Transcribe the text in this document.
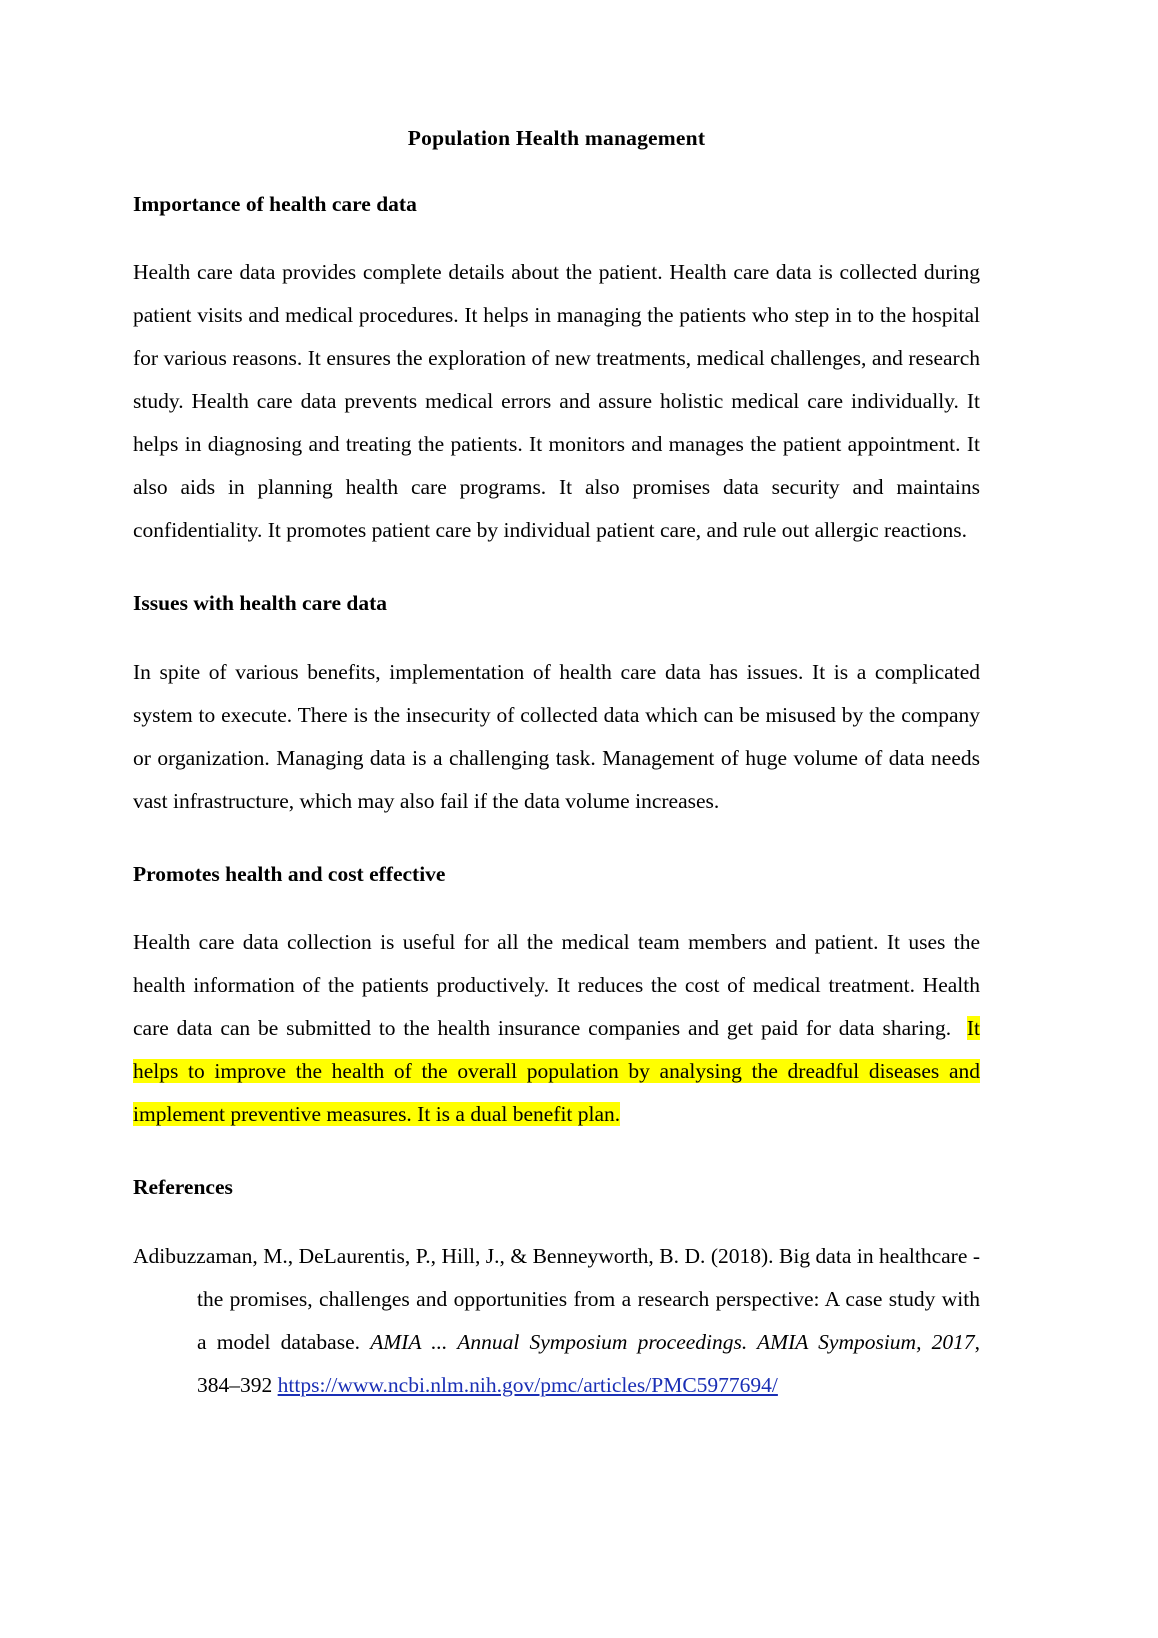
Population Health management
Importance of health care data

Health care data provides complete details about the patient. Health care data is collected during patient visits and medical procedures. It helps in managing the patients who step in to the hospital for various reasons. It ensures the exploration of new treatments, medical challenges, and research study. Health care data prevents medical errors and assure holistic medical care individually. It helps in diagnosing and treating the patients. It monitors and manages the patient appointment. It also aids in planning health care programs. It also promises data security and maintains confidentiality. It promotes patient care by individual patient care, and rule out allergic reactions.

Issues with health care data

In spite of various benefits, implementation of health care data has issues. It is a complicated system to execute. There is the insecurity of collected data which can be misused by the company or organization. Managing data is a challenging task. Management of huge volume of data needs vast infrastructure, which may also fail if the data volume increases.

Promotes health and cost effective

Health care data collection is useful for all the medical team members and patient. It uses the health information of the patients productively. It reduces the cost of medical treatment. Health care data can be submitted to the health insurance companies and get paid for data sharing. It helps to improve the health of the overall population by analysing the dreadful diseases and implement preventive measures. It is a dual benefit plan.

References

Adibuzzaman, M., DeLaurentis, P., Hill, J., & Benneyworth, B. D. (2018). Big data in healthcare - the promises, challenges and opportunities from a research perspective: A case study with a model database. AMIA ... Annual Symposium proceedings. AMIA Symposium, 2017, 384–392 https://www.ncbi.nlm.nih.gov/pmc/articles/PMC5977694/
